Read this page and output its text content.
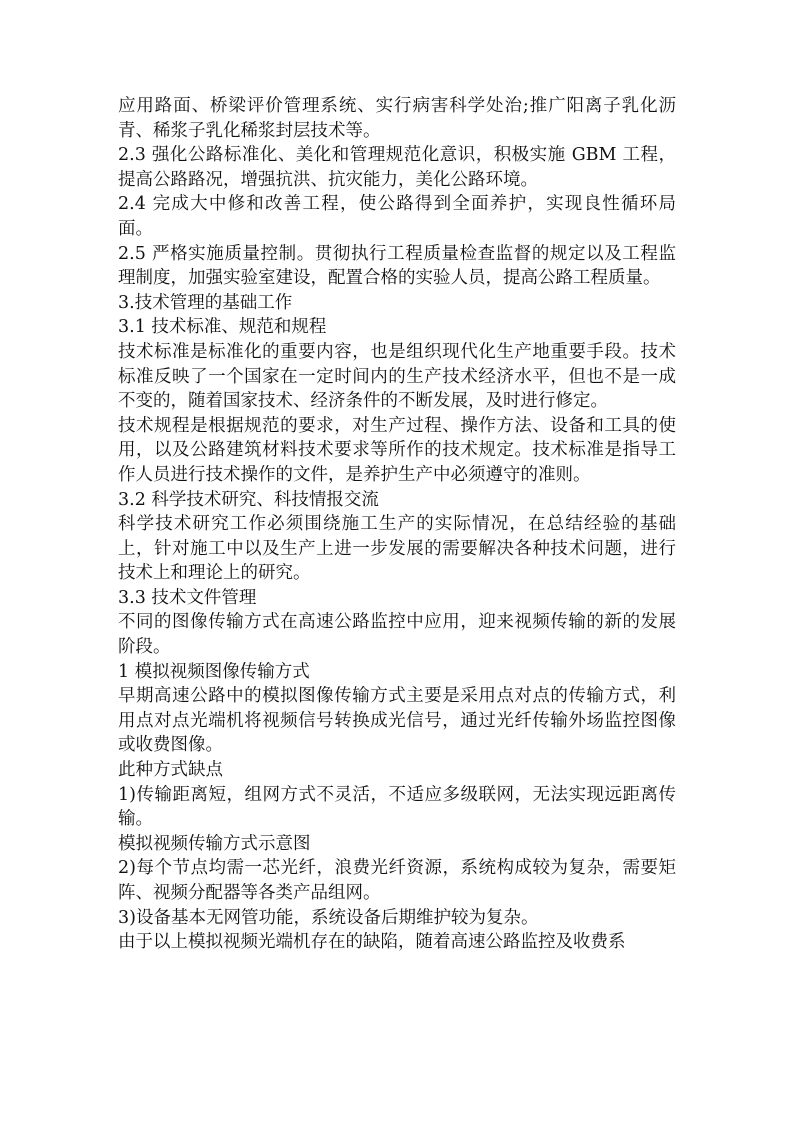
应用路面、桥梁评价管理系统、实行病害科学处治;推广阳离子乳化沥青、稀浆子乳化稀浆封层技术等。

2.3 强化公路标准化、美化和管理规范化意识，积极实施 GBM 工程，提高公路路况，增强抗洪、抗灾能力，美化公路环境。

2.4 完成大中修和改善工程，使公路得到全面养护，实现良性循环局面。

2.5 严格实施质量控制。贯彻执行工程质量检查监督的规定以及工程监理制度，加强实验室建设，配置合格的实验人员，提高公路工程质量。

3.技术管理的基础工作

3.1 技术标准、规范和规程

技术标准是标准化的重要内容，也是组织现代化生产地重要手段。技术标准反映了一个国家在一定时间内的生产技术经济水平，但也不是一成不变的，随着国家技术、经济条件的不断发展，及时进行修定。

技术规程是根据规范的要求，对生产过程、操作方法、设备和工具的使用，以及公路建筑材料技术要求等所作的技术规定。技术标准是指导工作人员进行技术操作的文件，是养护生产中必须遵守的准则。

3.2 科学技术研究、科技情报交流

科学技术研究工作必须围绕施工生产的实际情况，在总结经验的基础上，针对施工中以及生产上进一步发展的需要解决各种技术问题，进行技术上和理论上的研究。

3.3 技术文件管理

不同的图像传输方式在高速公路监控中应用，迎来视频传输的新的发展阶段。

1 模拟视频图像传输方式

早期高速公路中的模拟图像传输方式主要是采用点对点的传输方式，利用点对点光端机将视频信号转换成光信号，通过光纤传输外场监控图像或收费图像。

此种方式缺点

1)传输距离短，组网方式不灵活，不适应多级联网，无法实现远距离传输。

模拟视频传输方式示意图

2)每个节点均需一芯光纤，浪费光纤资源，系统构成较为复杂，需要矩阵、视频分配器等各类产品组网。

3)设备基本无网管功能，系统设备后期维护较为复杂。

由于以上模拟视频光端机存在的缺陷，随着高速公路监控及收费系
